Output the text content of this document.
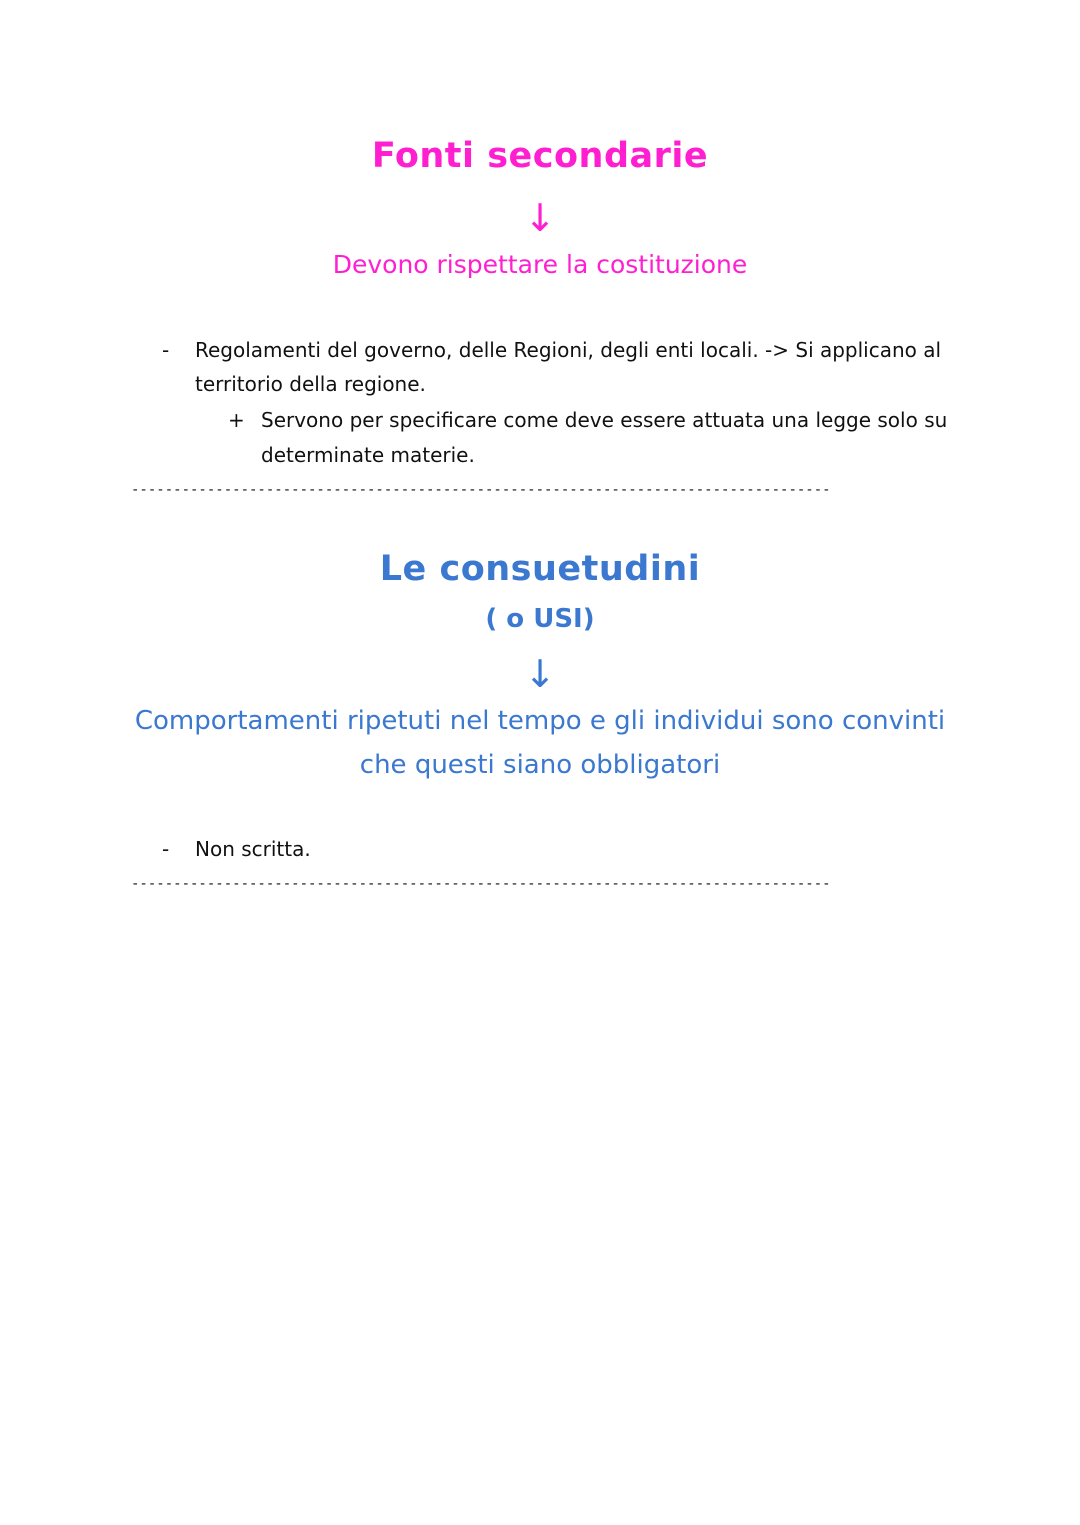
Fonti secondarie
↓
Devono rispettare la costituzione
- Regolamenti del governo, delle Regioni, degli enti locali. -> Si applicano al
territorio della regione.
+ Servono per specificare come deve essere attuata una legge solo su
determinate materie.
-----------------------------------------------------------------------------------
Le consuetudini
( o USI)
↓
Comportamenti ripetuti nel tempo e gli individui sono convinti
che questi siano obbligatori
- Non scritta.
-----------------------------------------------------------------------------------
